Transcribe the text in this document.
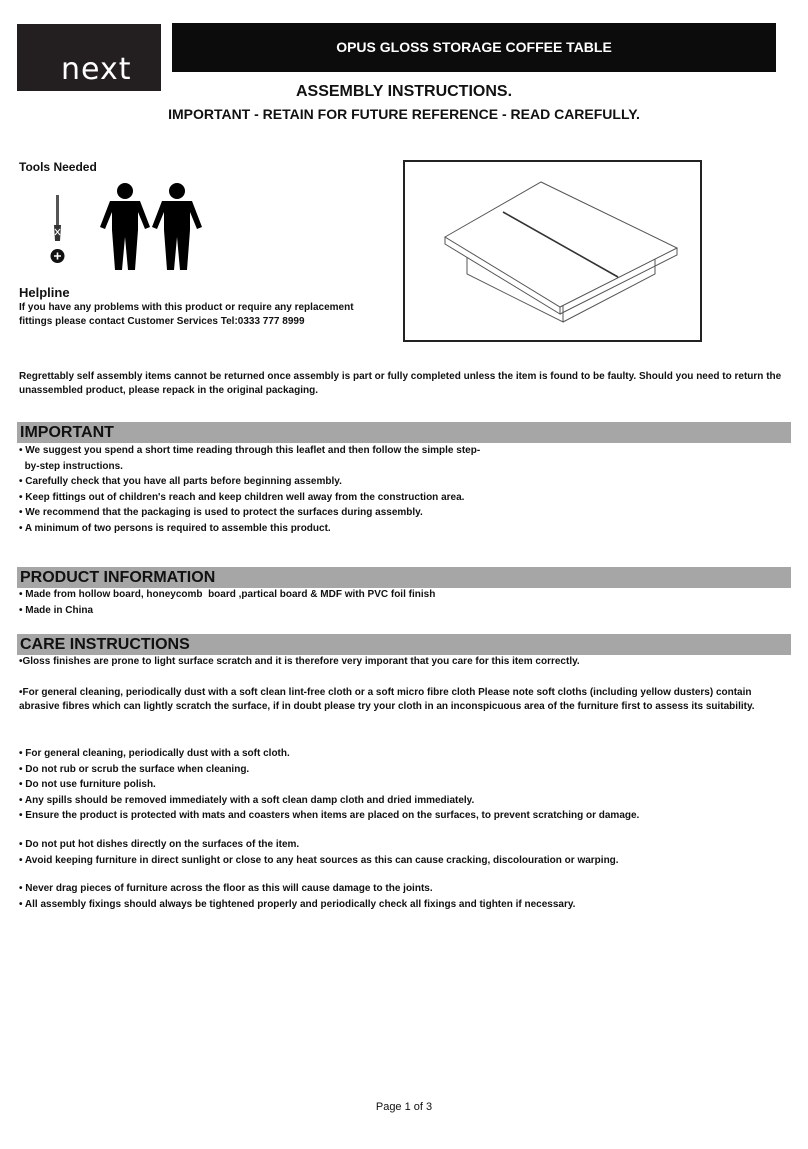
next
OPUS GLOSS STORAGE COFFEE TABLE
ASSEMBLY INSTRUCTIONS.
IMPORTANT - RETAIN FOR FUTURE REFERENCE - READ CAREFULLY.
Tools Needed
Helpline
If you have any problems with this product or require any replacement fittings please contact Customer Services Tel:0333 777 8999
Regrettably self assembly items cannot be returned once assembly is part or fully completed unless the item is found to be faulty. Should you need to return the unassembled product, please repack in the original packaging.
IMPORTANT
• We suggest you spend a short time reading through this leaflet and then follow the simple step-
by-step instructions.
• Carefully check that you have all parts before beginning assembly.
• Keep fittings out of children's reach and keep children well away from the construction area.
• We recommend that the packaging is used to protect the surfaces during assembly.
• A minimum of two persons is required to assemble this product.
PRODUCT INFORMATION
• Made from hollow board, honeycomb  board ,partical board & MDF with PVC foil finish
• Made in China
CARE INSTRUCTIONS
•Gloss finishes are prone to light surface scratch and it is therefore very imporant that you care for this item correctly.
•For general cleaning, periodically dust with a soft clean lint-free cloth or a soft micro fibre cloth Please note soft cloths (including yellow dusters) contain abrasive fibres which can lightly scratch the surface, if in doubt please try your cloth in an inconspicuous area of the furniture first to assess its suitability.
• For general cleaning, periodically dust with a soft cloth.
• Do not rub or scrub the surface when cleaning.
• Do not use furniture polish.
• Any spills should be removed immediately with a soft clean damp cloth and dried immediately.
• Ensure the product is protected with mats and coasters when items are placed on the surfaces, to prevent scratching or damage.
• Do not put hot dishes directly on the surfaces of the item.
• Avoid keeping furniture in direct sunlight or close to any heat sources as this can cause cracking, discolouration or warping.
• Never drag pieces of furniture across the floor as this will cause damage to the joints.
• All assembly fixings should always be tightened properly and periodically check all fixings and tighten if necessary.
Page 1 of 3
